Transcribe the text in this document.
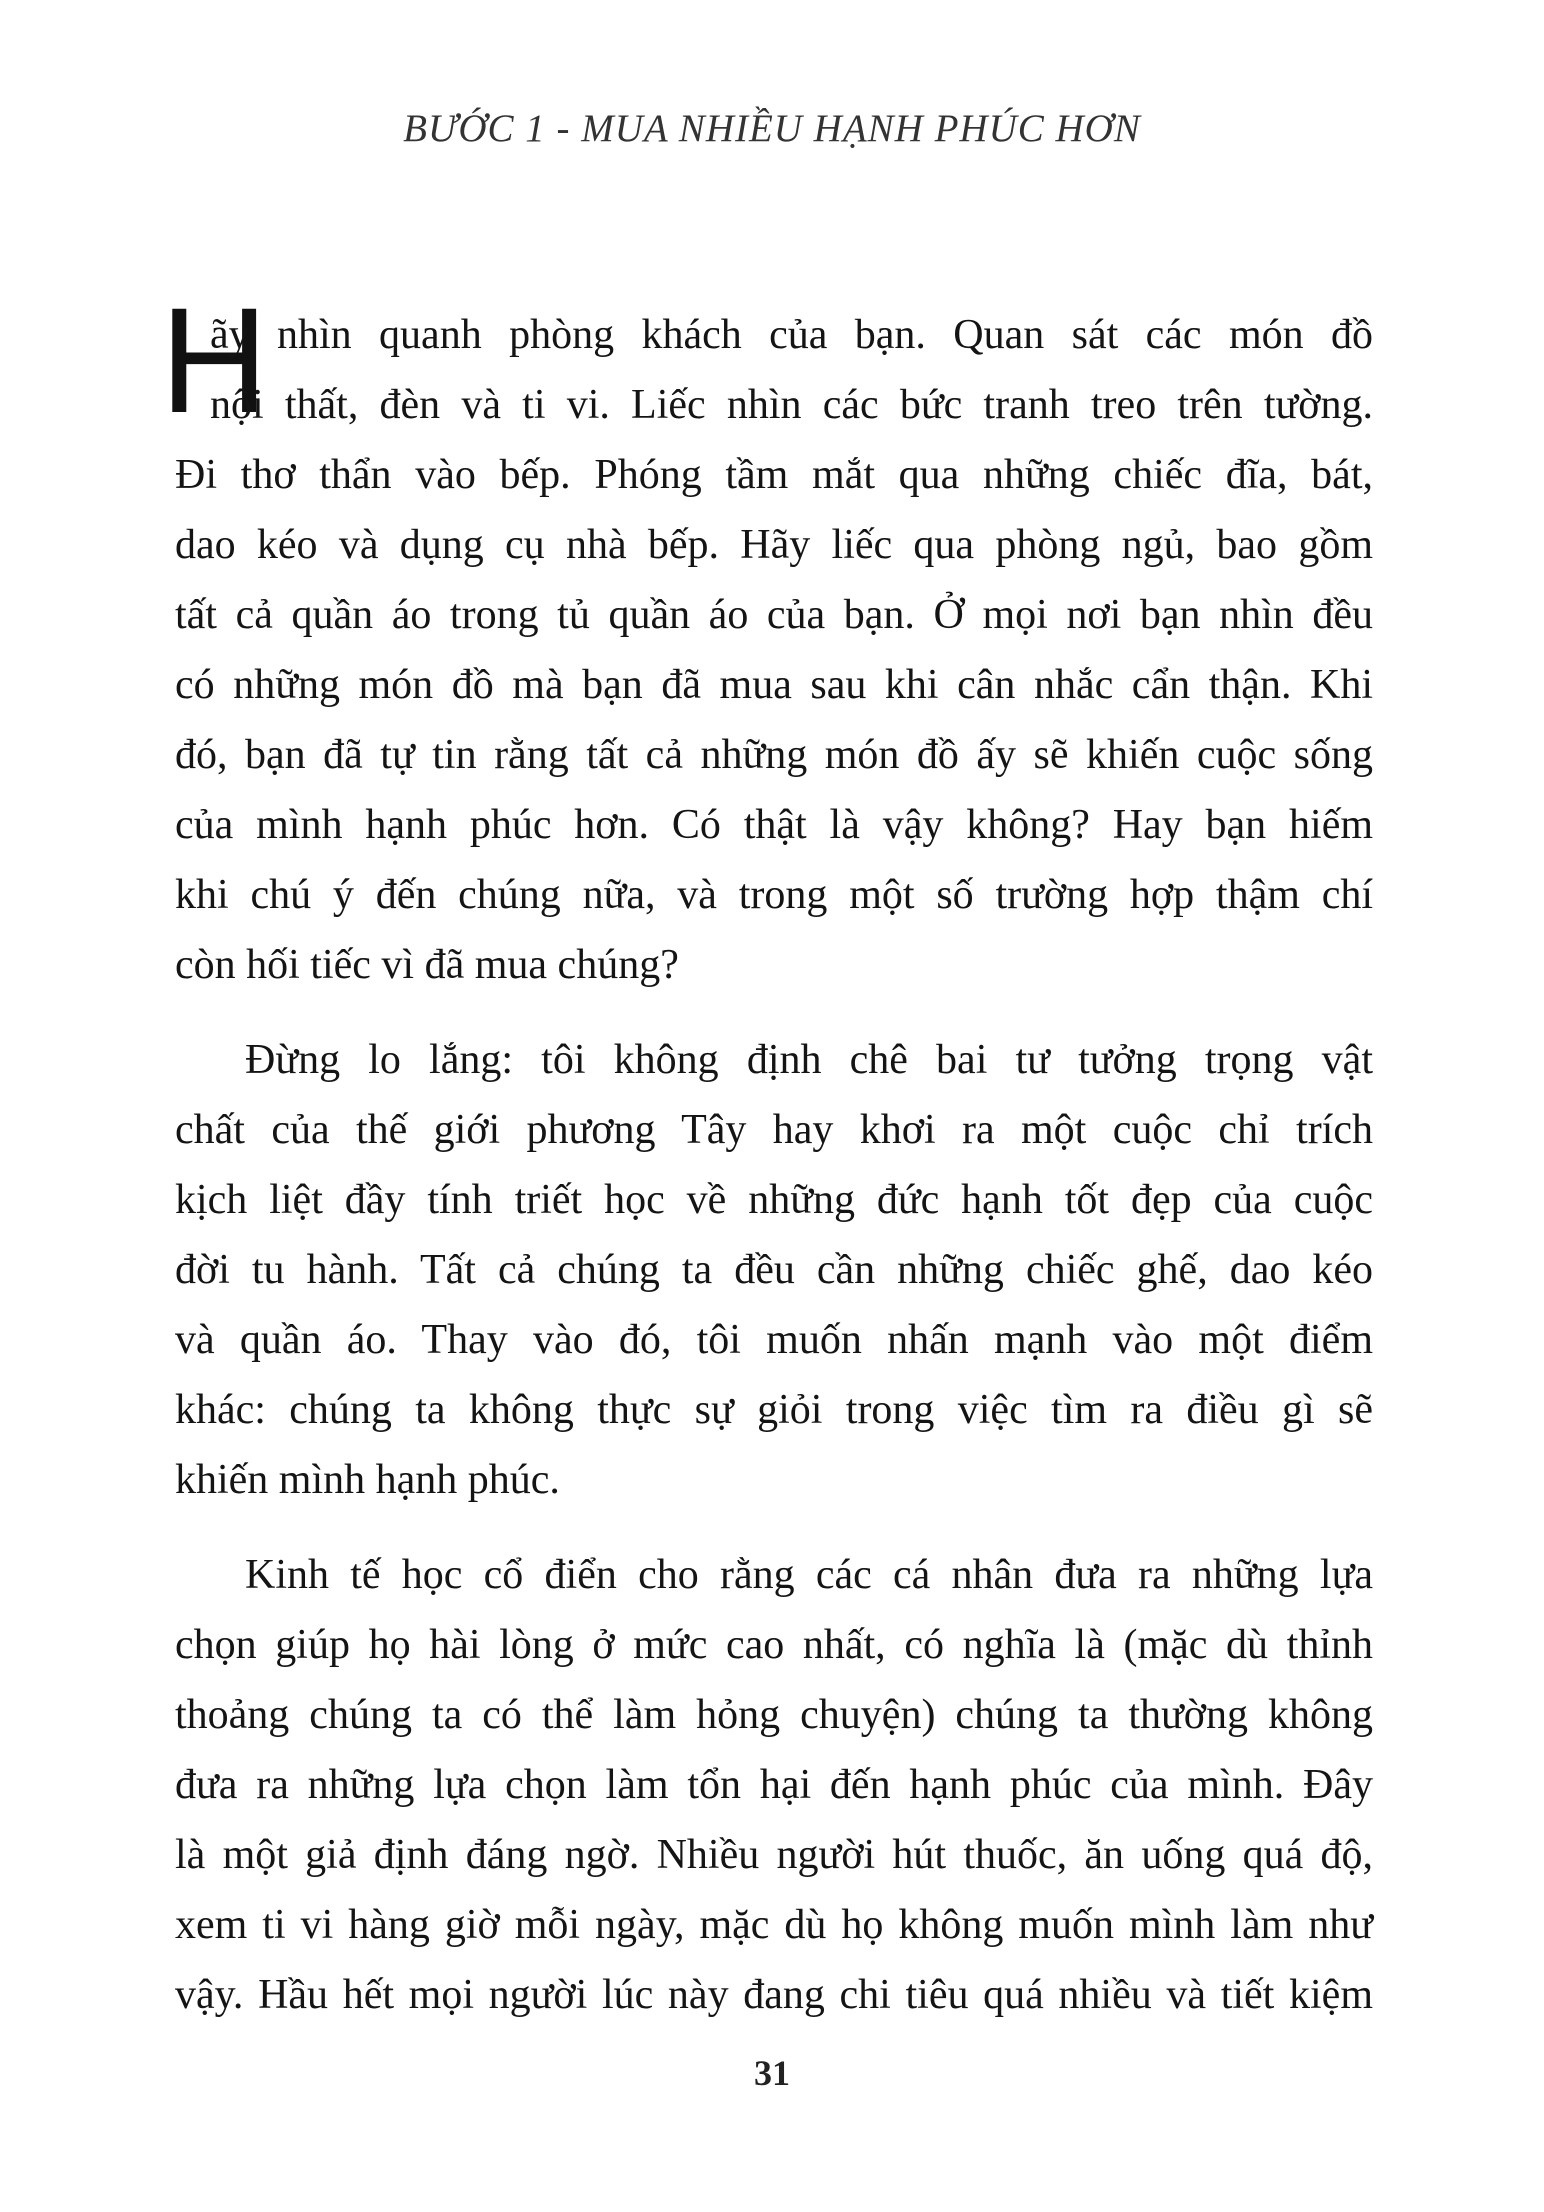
BƯỚC 1 - MUA NHIỀU HẠNH PHÚC HƠN
H
ãy nhìn quanh phòng khách của bạn. Quan sát các món đồ
nội thất, đèn và ti vi. Liếc nhìn các bức tranh treo trên tường.
Đi thơ thẩn vào bếp. Phóng tầm mắt qua những chiếc đĩa, bát,
dao kéo và dụng cụ nhà bếp. Hãy liếc qua phòng ngủ, bao gồm
tất cả quần áo trong tủ quần áo của bạn. Ở mọi nơi bạn nhìn đều
có những món đồ mà bạn đã mua sau khi cân nhắc cẩn thận. Khi
đó, bạn đã tự tin rằng tất cả những món đồ ấy sẽ khiến cuộc sống
của mình hạnh phúc hơn. Có thật là vậy không? Hay bạn hiếm
khi chú ý đến chúng nữa, và trong một số trường hợp thậm chí
còn hối tiếc vì đã mua chúng?
Đừng lo lắng: tôi không định chê bai tư tưởng trọng vật
chất của thế giới phương Tây hay khơi ra một cuộc chỉ trích
kịch liệt đầy tính triết học về những đức hạnh tốt đẹp của cuộc
đời tu hành. Tất cả chúng ta đều cần những chiếc ghế, dao kéo
và quần áo. Thay vào đó, tôi muốn nhấn mạnh vào một điểm
khác: chúng ta không thực sự giỏi trong việc tìm ra điều gì sẽ
khiến mình hạnh phúc.
Kinh tế học cổ điển cho rằng các cá nhân đưa ra những lựa
chọn giúp họ hài lòng ở mức cao nhất, có nghĩa là (mặc dù thỉnh
thoảng chúng ta có thể làm hỏng chuyện) chúng ta thường không
đưa ra những lựa chọn làm tổn hại đến hạnh phúc của mình. Đây
là một giả định đáng ngờ. Nhiều người hút thuốc, ăn uống quá độ,
xem ti vi hàng giờ mỗi ngày, mặc dù họ không muốn mình làm như
vậy. Hầu hết mọi người lúc này đang chi tiêu quá nhiều và tiết kiệm
31
